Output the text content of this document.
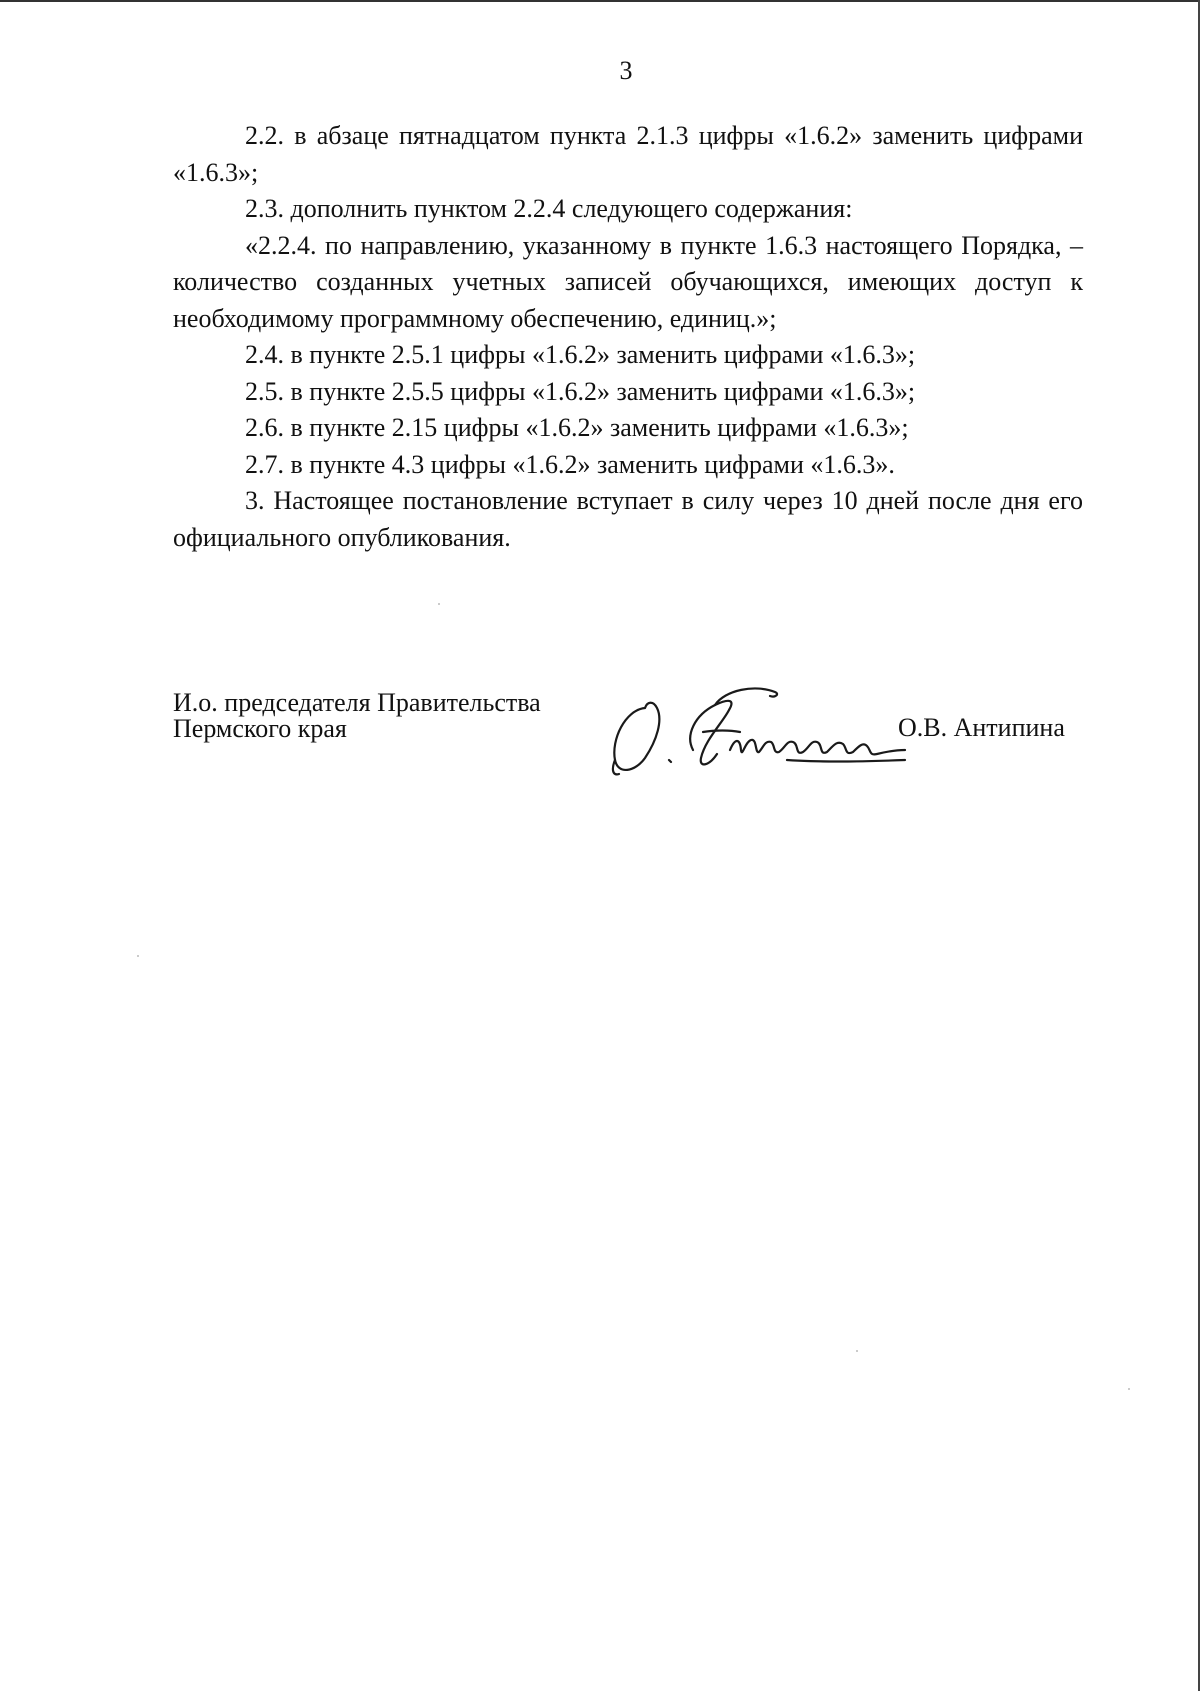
3

2.2. в абзаце пятнадцатом пункта 2.1.3 цифры «1.6.2» заменить цифрами «1.6.3»;

2.3. дополнить пунктом 2.2.4 следующего содержания:

«2.2.4. по направлению, указанному в пункте 1.6.3 настоящего Порядка, – количество созданных учетных записей обучающихся, имеющих доступ к необходимому программному обеспечению, единиц.»;

2.4. в пункте 2.5.1 цифры «1.6.2» заменить цифрами «1.6.3»;

2.5. в пункте 2.5.5 цифры «1.6.2» заменить цифрами «1.6.3»;

2.6. в пункте 2.15 цифры «1.6.2» заменить цифрами «1.6.3»;

2.7. в пункте 4.3 цифры «1.6.2» заменить цифрами «1.6.3».

3. Настоящее постановление вступает в силу через 10 дней после дня его официального опубликования.

И.о. председателя Правительства
Пермского края	О.В. Антипина
